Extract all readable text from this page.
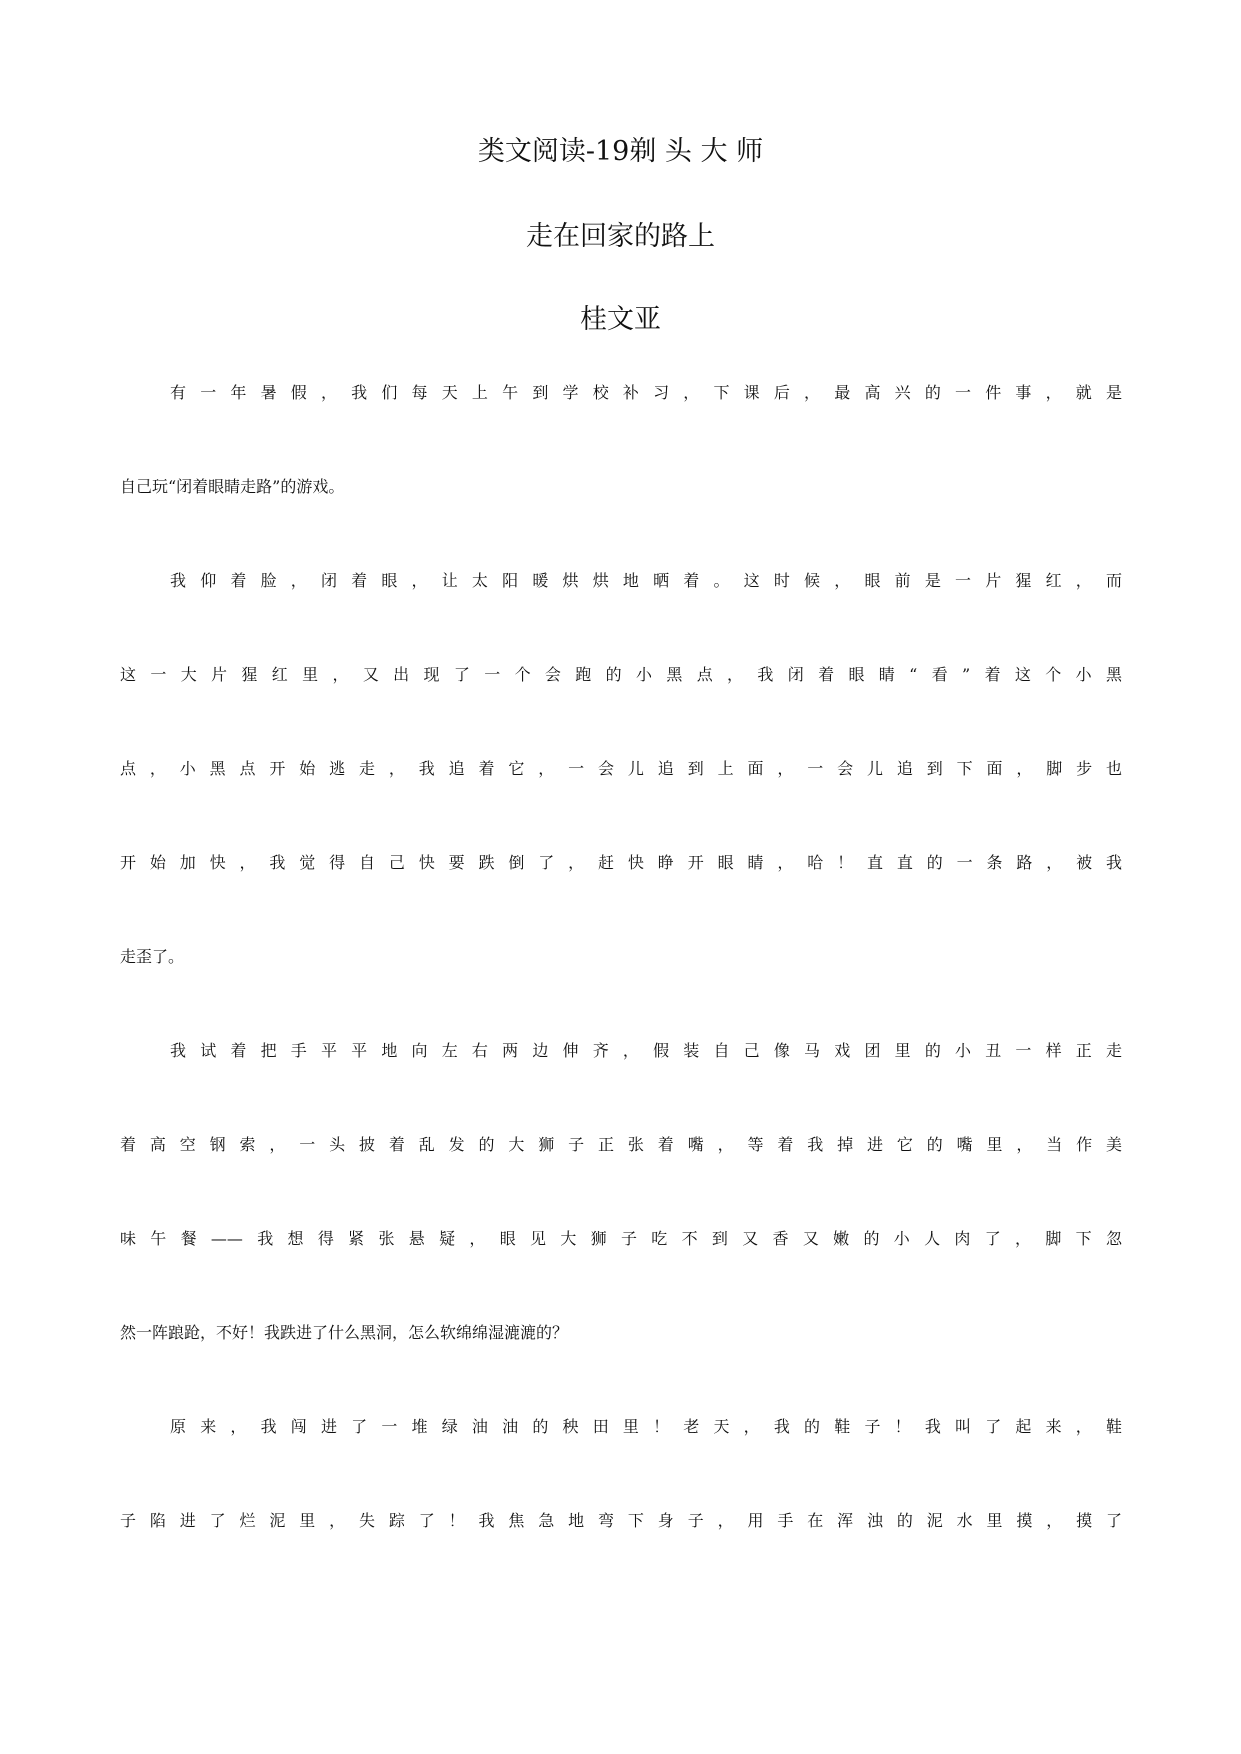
类文阅读-19剃 头 大 师
走在回家的路上
桂文亚
有一年暑假，我们每天上午到学校补习，下课后，最高兴的一件事，就是
自己玩“闭着眼睛走路”的游戏。
我仰着脸，闭着眼，让太阳暖烘烘地晒着。这时候，眼前是一片猩红，而
这一大片猩红里，又出现了一个会跑的小黑点，我闭着眼睛“看”着这个小黑
点，小黑点开始逃走，我追着它，一会儿追到上面，一会儿追到下面，脚步也
开始加快，我觉得自己快要跌倒了，赶快睁开眼睛，哈！直直的一条路，被我
走歪了。
我试着把手平平地向左右两边伸齐，假装自己像马戏团里的小丑一样正走
着高空钢索，一头披着乱发的大狮子正张着嘴，等着我掉进它的嘴里，当作美
味午餐——我想得紧张悬疑，眼见大狮子吃不到又香又嫩的小人肉了，脚下忽
然一阵踉跄，不好！我跌进了什么黑洞，怎么软绵绵湿漉漉的？
原来，我闯进了一堆绿油油的秧田里！老天，我的鞋子！我叫了起来，鞋
子陷进了烂泥里，失踪了！我焦急地弯下身子，用手在浑浊的泥水里摸，摸了
